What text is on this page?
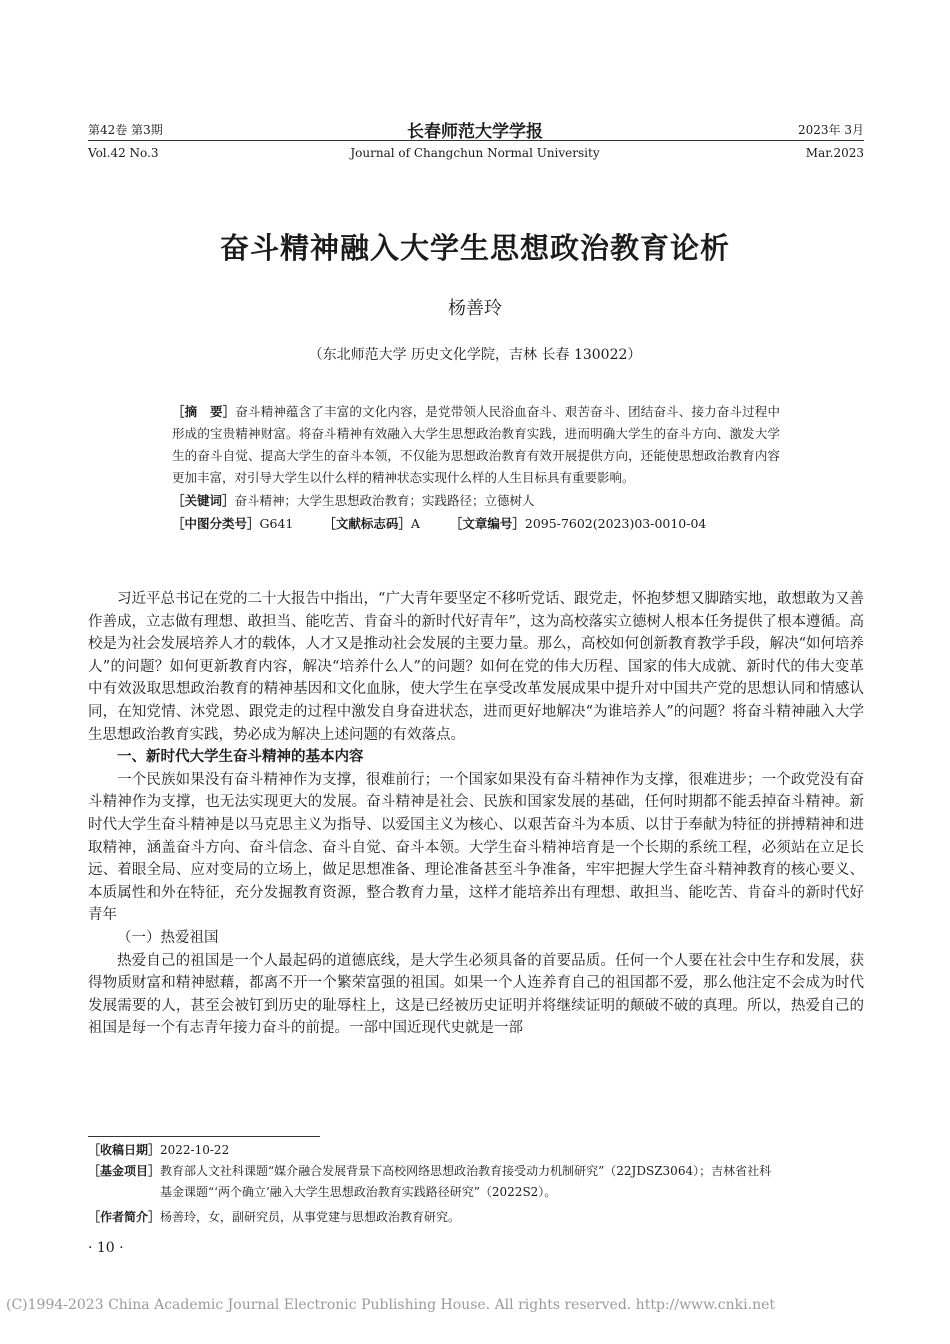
第42卷 第3期
Vol.42 No.3
长春师范大学学报
Journal of Changchun Normal University
2023年 3月
Mar.2023
奋斗精神融入大学生思想政治教育论析
杨善玲
（东北师范大学 历史文化学院，吉林 长春 130022）

［摘　要］奋斗精神蕴含了丰富的文化内容，是党带领人民浴血奋斗、艰苦奋斗、团结奋斗、接力奋斗过程中形成的宝贵精神财富。将奋斗精神有效融入大学生思想政治教育实践，进而明确大学生的奋斗方向、激发大学生的奋斗自觉、提高大学生的奋斗本领，不仅能为思想政治教育有效开展提供方向，还能使思想政治教育内容更加丰富，对引导大学生以什么样的精神状态实现什么样的人生目标具有重要影响。

［关键词］奋斗精神；大学生思想政治教育；实践路径；立德树人

［中图分类号］G641 ［文献标志码］A ［文章编号］2095-7602(2023)03-0010-04

习近平总书记在党的二十大报告中指出，“广大青年要坚定不移听党话、跟党走，怀抱梦想又脚踏实地，敢想敢为又善作善成，立志做有理想、敢担当、能吃苦、肯奋斗的新时代好青年”，这为高校落实立德树人根本任务提供了根本遵循。高校是为社会发展培养人才的载体，人才又是推动社会发展的主要力量。那么，高校如何创新教育教学手段，解决“如何培养人”的问题？如何更新教育内容，解决“培养什么人”的问题？如何在党的伟大历程、国家的伟大成就、新时代的伟大变革中有效汲取思想政治教育的精神基因和文化血脉，使大学生在享受改革发展成果中提升对中国共产党的思想认同和情感认同，在知党情、沐党恩、跟党走的过程中激发自身奋进状态，进而更好地解决“为谁培养人”的问题？将奋斗精神融入大学生思想政治教育实践，势必成为解决上述问题的有效落点。

一、新时代大学生奋斗精神的基本内容

一个民族如果没有奋斗精神作为支撑，很难前行；一个国家如果没有奋斗精神作为支撑，很难进步；一个政党没有奋斗精神作为支撑，也无法实现更大的发展。奋斗精神是社会、民族和国家发展的基础，任何时期都不能丢掉奋斗精神。新时代大学生奋斗精神是以马克思主义为指导、以爱国主义为核心、以艰苦奋斗为本质、以甘于奉献为特征的拼搏精神和进取精神，涵盖奋斗方向、奋斗信念、奋斗自觉、奋斗本领。大学生奋斗精神培育是一个长期的系统工程，必须站在立足长远、着眼全局、应对变局的立场上，做足思想准备、理论准备甚至斗争准备，牢牢把握大学生奋斗精神教育的核心要义、本质属性和外在特征，充分发掘教育资源，整合教育力量，这样才能培养出有理想、敢担当、能吃苦、肯奋斗的新时代好青年

（一）热爱祖国

热爱自己的祖国是一个人最起码的道德底线，是大学生必须具备的首要品质。任何一个人要在社会中生存和发展，获得物质财富和精神慰藉，都离不开一个繁荣富强的祖国。如果一个人连养育自己的祖国都不爱，那么他注定不会成为时代发展需要的人，甚至会被钉到历史的耻辱柱上，这是已经被历史证明并将继续证明的颠破不破的真理。所以，热爱自己的祖国是每一个有志青年接力奋斗的前提。一部中国近现代史就是一部

［收稿日期］2022-10-22

［基金项目］教育部人文社科课题“媒介融合发展背景下高校网络思想政治教育接受动力机制研究”（22JDSZ3064）；吉林省社科

基金课题“‘两个确立’融入大学生思想政治教育实践路径研究”（2022S2）。

［作者简介］杨善玲，女，副研究员，从事党建与思想政治教育研究。

· 10 ·
(C)1994-2023 China Academic Journal Electronic Publishing House. All rights reserved. http://www.cnki.net
